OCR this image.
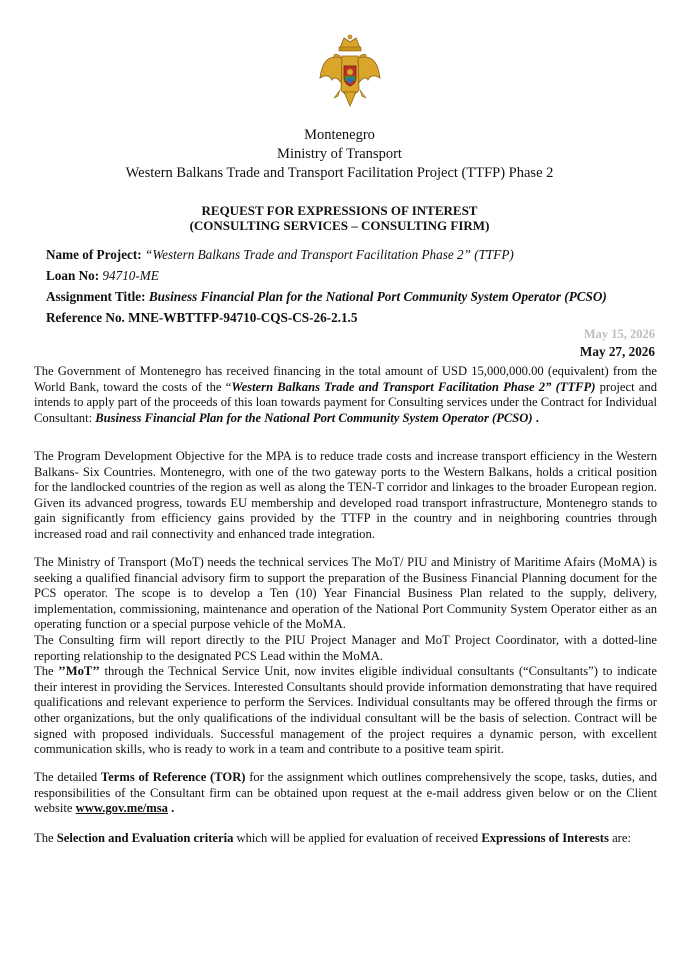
Montenegro
Ministry of Transport
Western Balkans Trade and Transport Facilitation Project (TTFP) Phase 2
REQUEST FOR EXPRESSIONS OF INTEREST
(CONSULTING SERVICES – CONSULTING FIRM)
Name of Project: “Western Balkans Trade and Transport Facilitation Phase 2” (TTFP)
Loan No: 94710-ME
Assignment Title: Business Financial Plan for the National Port Community System Operator (PCSO)
Reference No. MNE-WBTTFP-94710-CQS-CS-26-2.1.5
May 15, 2026
May 27, 2026
The Government of Montenegro has received financing in the total amount of USD 15,000,000.00 (equivalent) from the World Bank, toward the costs of the “Western Balkans Trade and Transport Facilitation Phase 2” (TTFP) project and intends to apply part of the proceeds of this loan towards payment for Consulting services under the Contract for Individual Consultant: Business Financial Plan for the National Port Community System Operator (PCSO) .
The Program Development Objective for the MPA is to reduce trade costs and increase transport efficiency in the Western Balkans- Six Countries. Montenegro, with one of the two gateway ports to the Western Balkans, holds a critical position for the landlocked countries of the region as well as along the TEN-T corridor and linkages to the broader European region. Given its advanced progress, towards EU membership and developed road transport infrastructure, Montenegro stands to gain significantly from efficiency gains provided by the TTFP in the country and in neighboring countries through increased road and rail connectivity and enhanced trade integration.
The Ministry of Transport (MoT) needs the technical services The MoT/ PIU and Ministry of Maritime Afairs (MoMA) is seeking a qualified financial advisory firm to support the preparation of the Business Financial Planning document for the PCS operator. The scope is to develop a Ten (10) Year Financial Business Plan related to the supply, delivery, implementation, commissioning, maintenance and operation of the National Port Community System Operator either as an operating function or a special purpose vehicle of the MoMA.
The Consulting firm will report directly to the PIU Project Manager and MoT Project Coordinator, with a dotted-line reporting relationship to the designated PCS Lead within the MoMA.
The ’’MoT’’ through the Technical Service Unit, now invites eligible individual consultants (“Consultants”) to indicate their interest in providing the Services. Interested Consultants should provide information demonstrating that have required qualifications and relevant experience to perform the Services. Individual consultants may be offered through the firms or other organizations, but the only qualifications of the individual consultant will be the basis of selection. Contract will be signed with proposed individuals. Successful management of the project requires a dynamic person, with excellent communication skills, who is ready to work in a team and contribute to a positive team spirit.
The detailed Terms of Reference (TOR) for the assignment which outlines comprehensively the scope, tasks, duties, and responsibilities of the Consultant firm can be obtained upon request at the e-mail address given below or on the Client website www.gov.me/msa .
The Selection and Evaluation criteria which will be applied for evaluation of received Expressions of Interests are:
